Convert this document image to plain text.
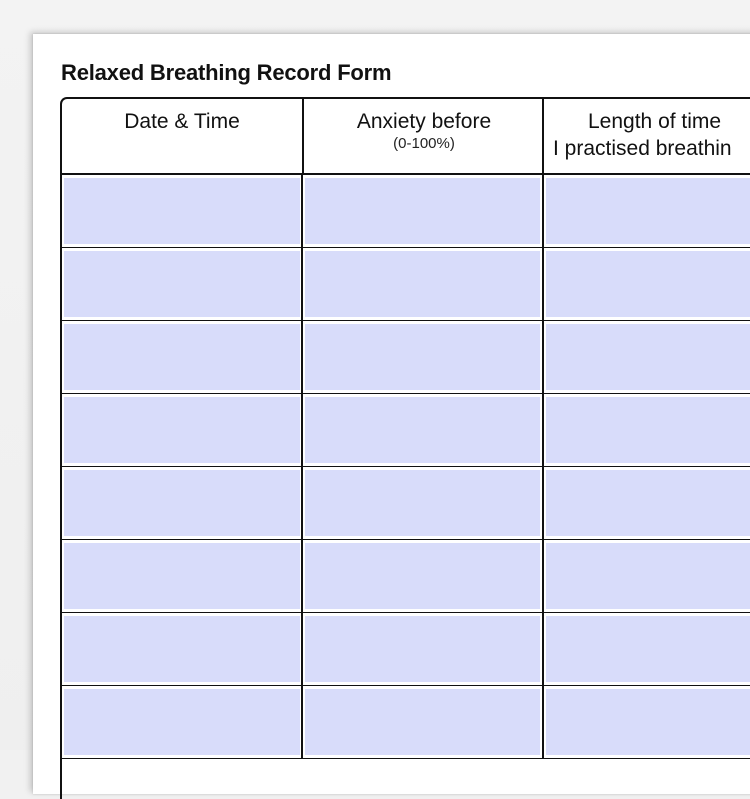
Relaxed Breathing Record Form
Date & Time	Anxiety before
(0-100%)
Length of time
I practised breathin
